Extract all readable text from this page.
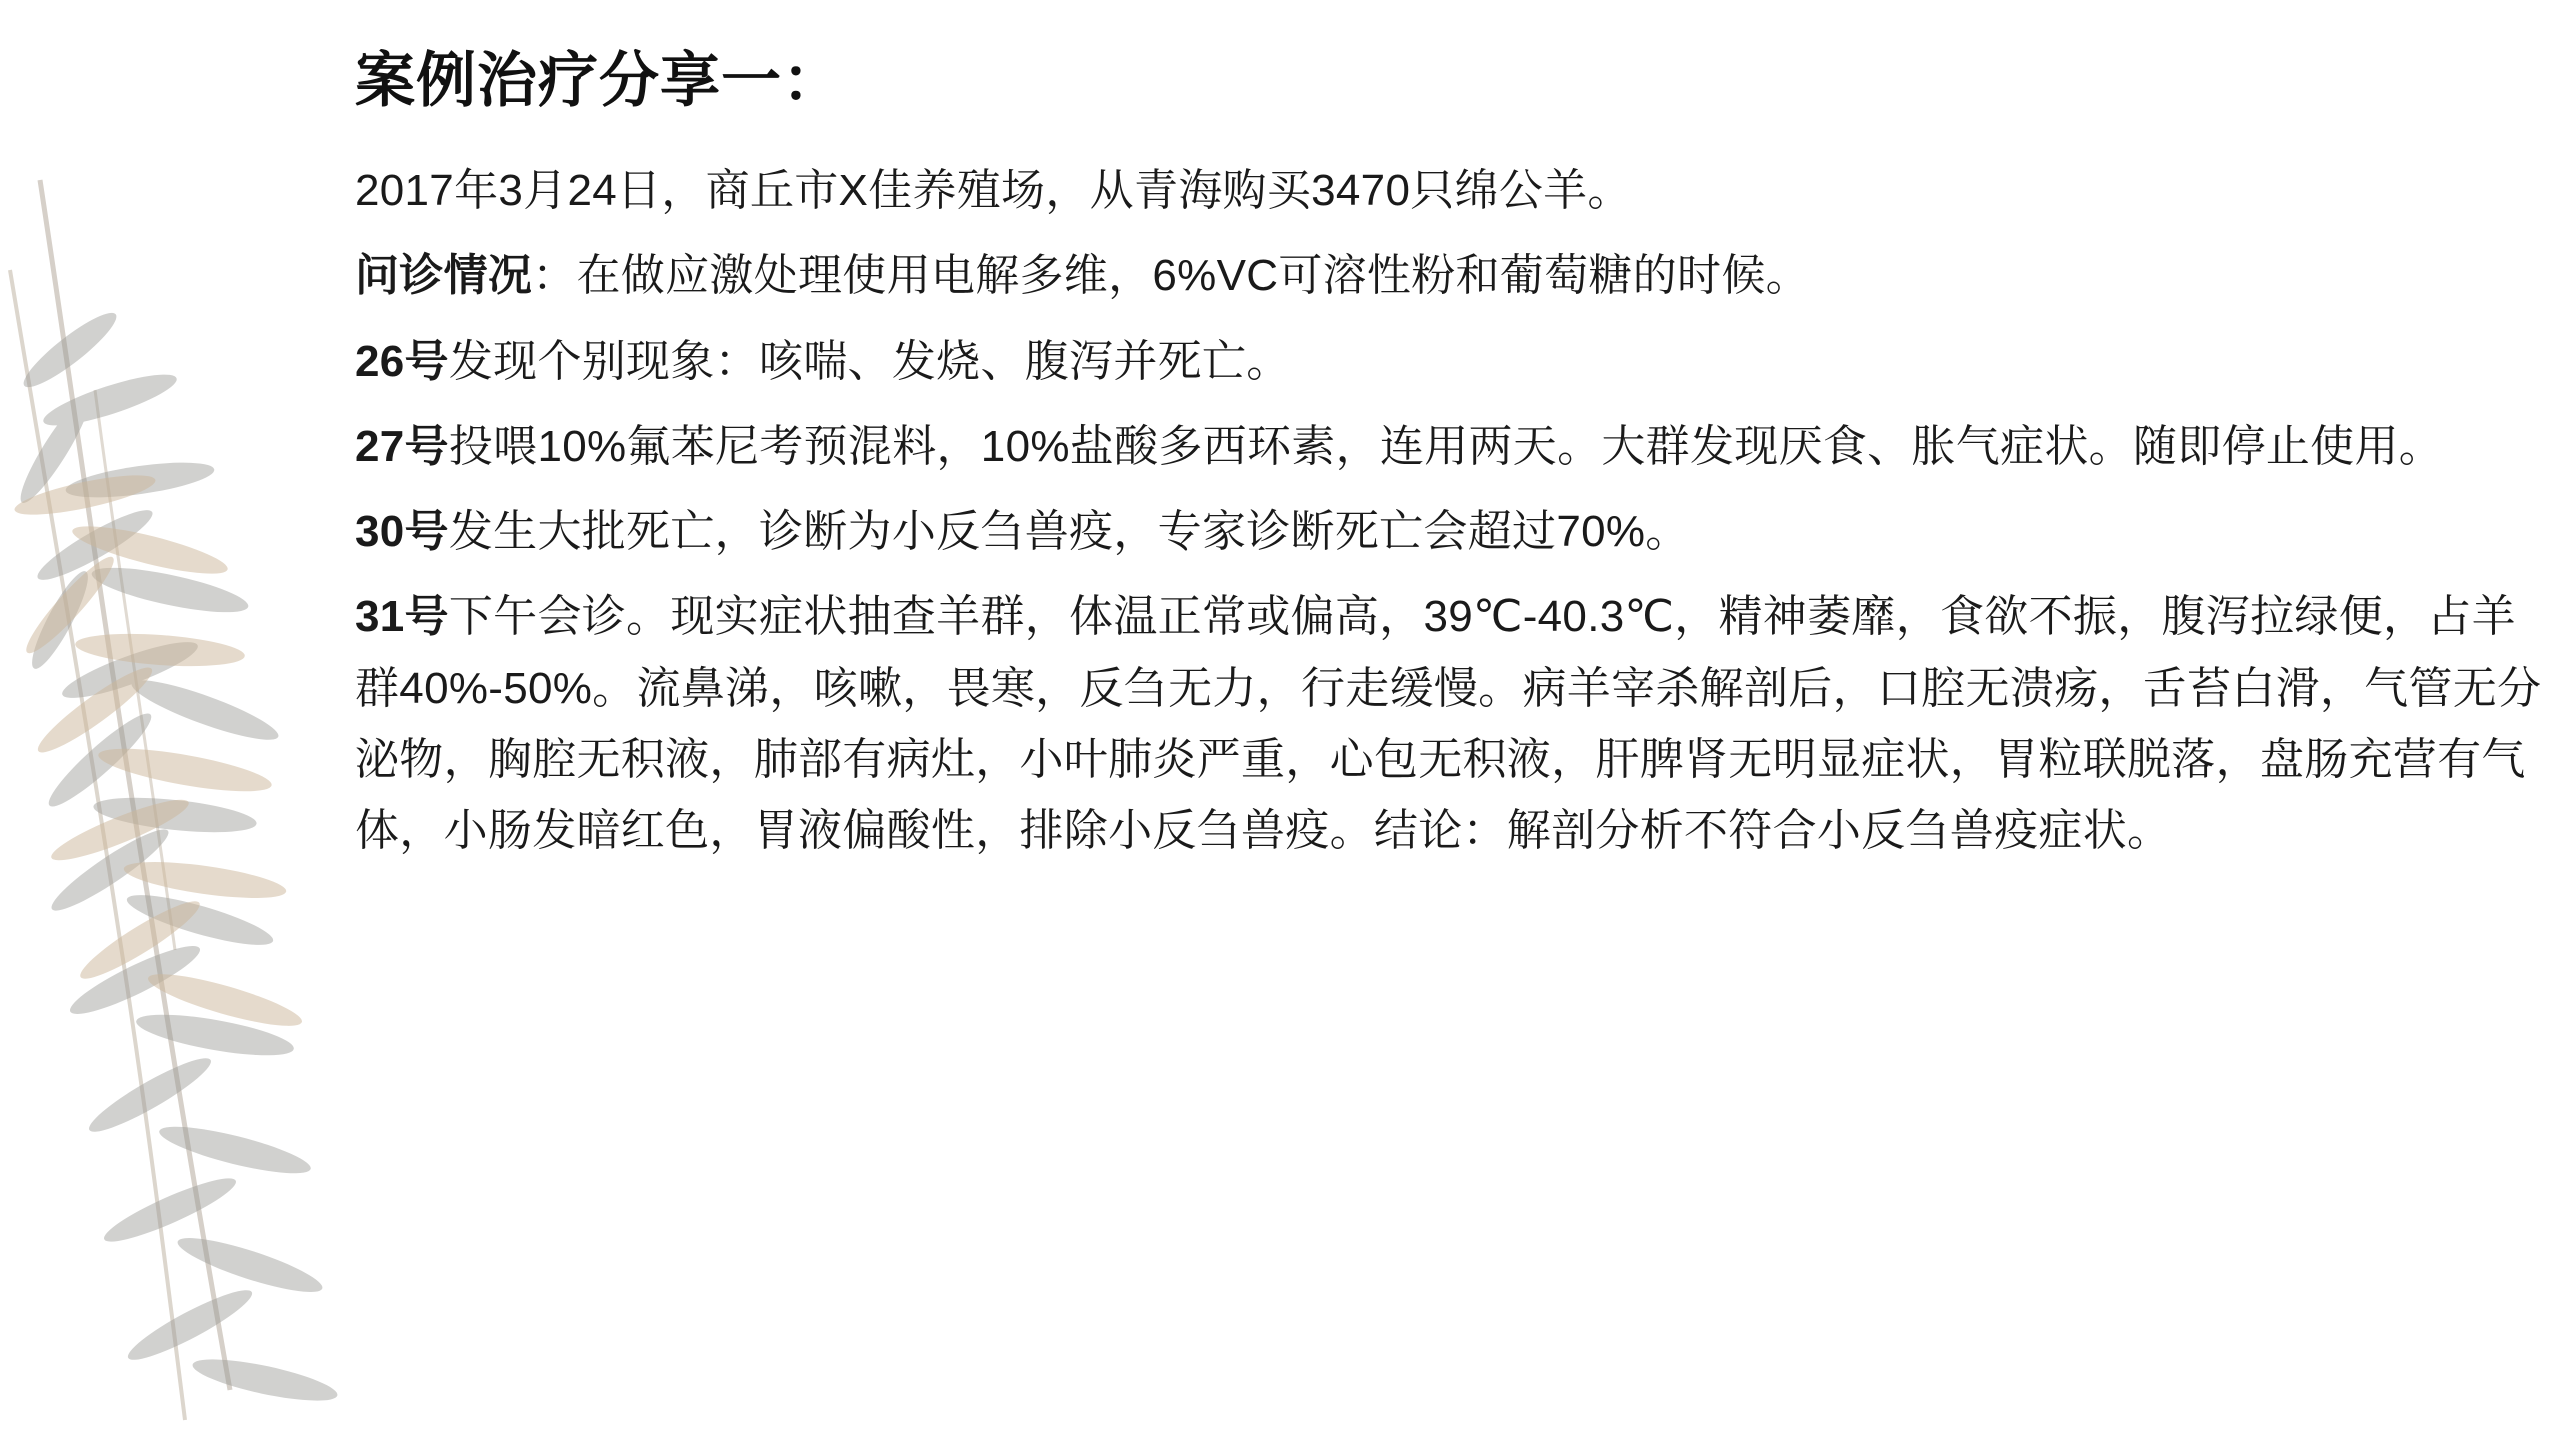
案例治疗分享一：

2017年3月24日，商丘市X佳养殖场，从青海购买3470只绵公羊。

问诊情况：在做应激处理使用电解多维，6%VC可溶性粉和葡萄糖的时候。

26号发现个别现象：咳喘、发烧、腹泻并死亡。

27号投喂10%氟苯尼考预混料，10%盐酸多西环素，连用两天。大群发现厌食、胀气症状。随即停止使用。

30号发生大批死亡，诊断为小反刍兽疫，专家诊断死亡会超过70%。

31号下午会诊。现实症状抽查羊群，体温正常或偏高，39℃-40.3℃，精神萎靡，食欲不振，腹泻拉绿便，占羊群40%-50%。流鼻涕，咳嗽，畏寒，反刍无力，行走缓慢。病羊宰杀解剖后，口腔无溃疡，舌苔白滑，气管无分泌物，胸腔无积液，肺部有病灶，小叶肺炎严重，心包无积液，肝脾肾无明显症状，胃粒联脱落，盘肠充营有气体，小肠发暗红色，胃液偏酸性，排除小反刍兽疫。结论：解剖分析不符合小反刍兽疫症状。
